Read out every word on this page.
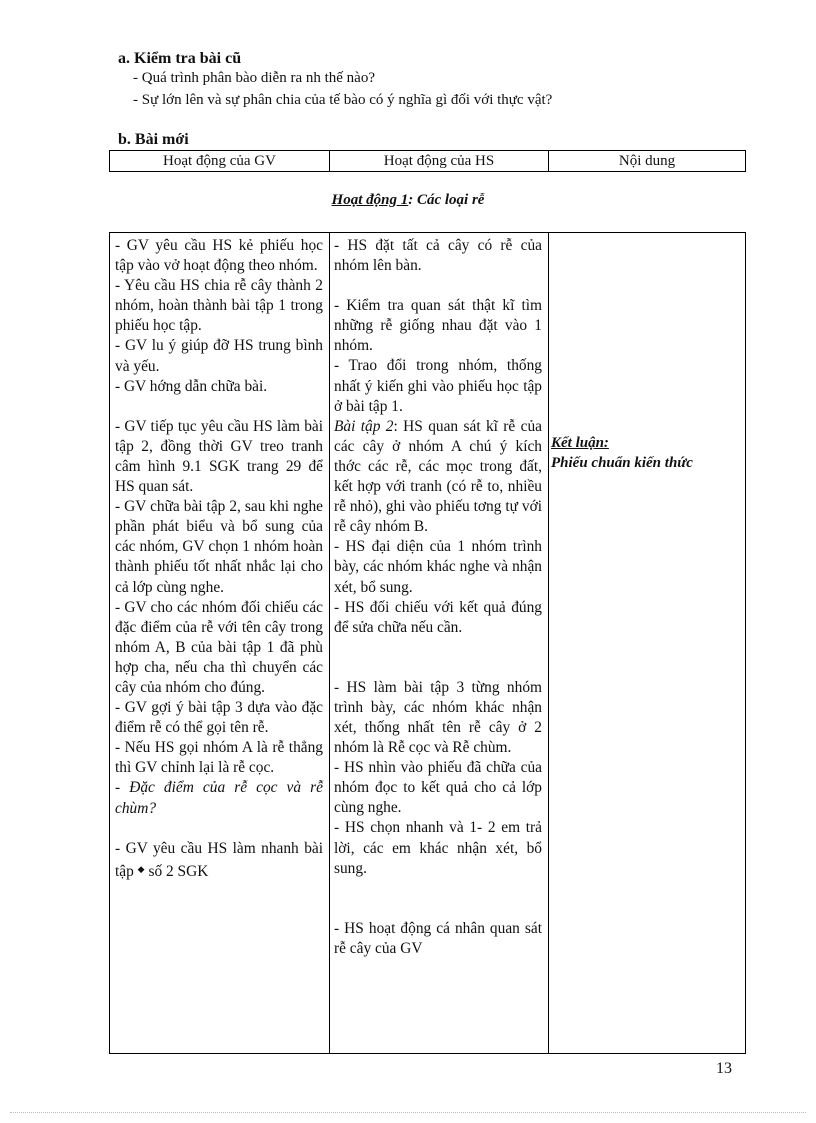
a. Kiểm tra bài cũ
- Quá trình phân bào diễn ra nh thế nào?
- Sự lớn lên và sự phân chia của tế bào có ý nghĩa gì đối với thực vật?
b. Bài mới
Hoạt động của GV	Hoạt động của HS	Nội dung
Hoạt động 1: Các loại rễ

- GV yêu cầu HS kẻ phiếu học tập vào vở hoạt động theo nhóm.

- Yêu cầu HS chia rễ cây thành 2 nhóm, hoàn thành bài tập 1 trong phiếu học tập.

- GV lu ý giúp đỡ HS trung bình và yếu.

- GV hớng dẫn chữa bài.

- GV tiếp tục yêu cầu HS làm bài tập 2, đồng thời GV treo tranh câm hình 9.1 SGK trang 29 để HS quan sát.

- GV chữa bài tập 2, sau khi nghe phần phát biểu và bổ sung của các nhóm, GV chọn 1 nhóm hoàn thành phiếu tốt nhất nhắc lại cho cả lớp cùng nghe.

- GV cho các nhóm đối chiếu các đặc điểm của rễ với tên cây trong nhóm A, B của bài tập 1 đã phù hợp cha, nếu cha thì chuyển các cây của nhóm cho đúng.

- GV gợi ý bài tập 3 dựa vào đặc điểm rễ có thể gọi tên rễ.

- Nếu HS gọi nhóm A là rễ thẳng thì GV chỉnh lại là rễ cọc.

- Đặc điểm của rễ cọc và rễ chùm?

- GV yêu cầu HS làm nhanh bài tập ◆ số 2 SGK

- HS đặt tất cả cây có rễ của nhóm lên bàn.

- Kiểm tra quan sát thật kĩ tìm những rễ giống nhau đặt vào 1 nhóm.

- Trao đổi trong nhóm, thống nhất ý kiến ghi vào phiếu học tập ở bài tập 1.

Bài tập 2: HS quan sát kĩ rễ của các cây ở nhóm A chú ý kích thớc các rễ, các mọc trong đất, kết hợp với tranh (có rễ to, nhiều rễ nhỏ), ghi vào phiếu tơng tự với rễ cây nhóm B.

- HS đại diện của 1 nhóm trình bày, các nhóm khác nghe và nhận xét, bổ sung.

- HS đối chiếu với kết quả đúng để sửa chữa nếu cần.

- HS làm bài tập 3 từng nhóm trình bày, các nhóm khác nhận xét, thống nhất tên rễ cây ở 2 nhóm là Rễ cọc và Rễ chùm.

- HS nhìn vào phiếu đã chữa của nhóm đọc to kết quả cho cả lớp cùng nghe.

- HS chọn nhanh và 1- 2 em trả lời, các em khác nhận xét, bổ sung.

- HS hoạt động cá nhân quan sát rễ cây của GV

Kết luận:
Phiếu chuẩn kiến thức
13
